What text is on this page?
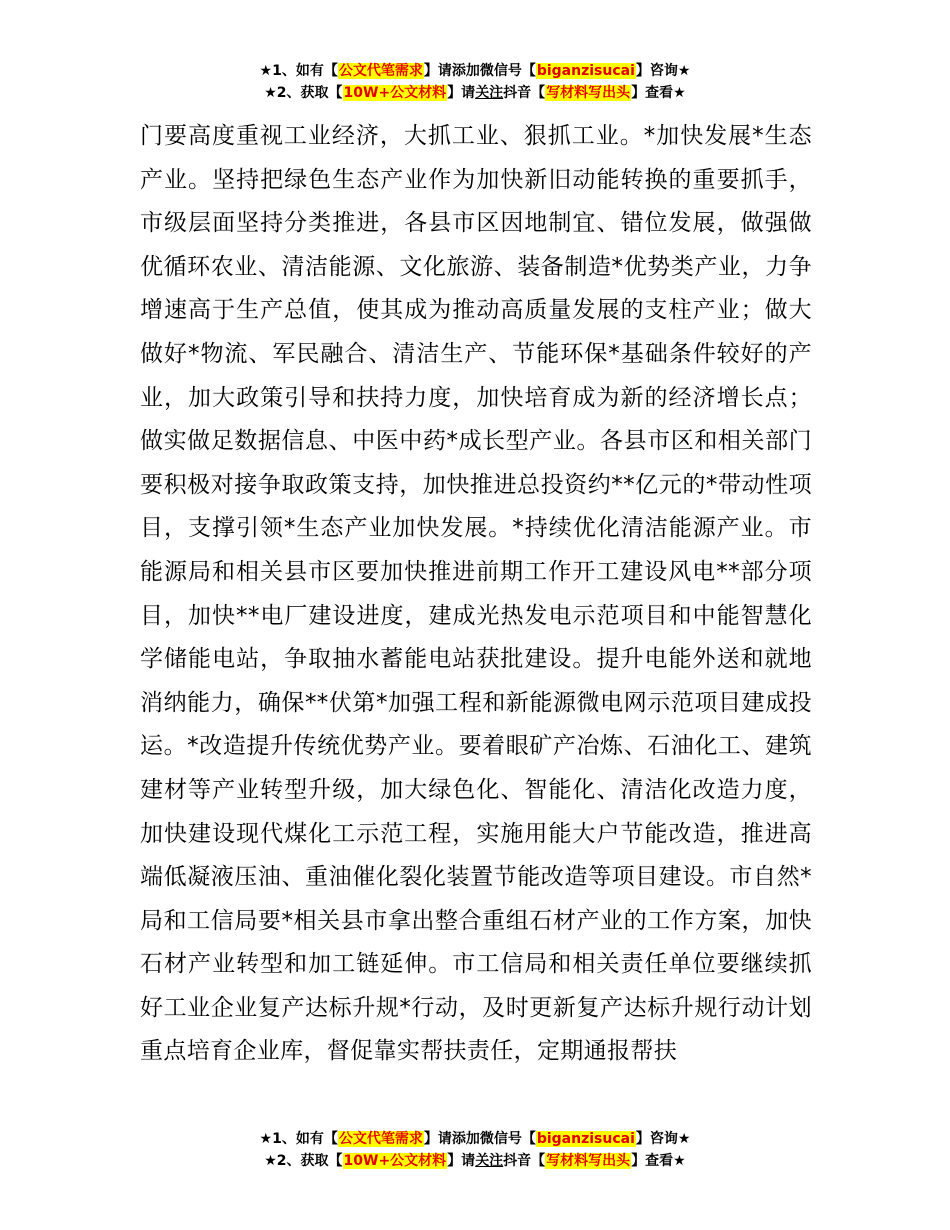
★1、如有【公文代笔需求】请添加微信号【biganzisucai】咨询★
★2、获取【10W+公文材料】请关注抖音【写材料写出头】查看★

门要高度重视工业经济，大抓工业、狠抓工业。*加快发展*生态产业。坚持把绿色生态产业作为加快新旧动能转换的重要抓手，市级层面坚持分类推进，各县市区因地制宜、错位发展，做强做优循环农业、清洁能源、文化旅游、装备制造*优势类产业，力争增速高于生产总值，使其成为推动高质量发展的支柱产业；做大做好*物流、军民融合、清洁生产、节能环保*基础条件较好的产业，加大政策引导和扶持力度，加快培育成为新的经济增长点；做实做足数据信息、中医中药*成长型产业。各县市区和相关部门要积极对接争取政策支持，加快推进总投资约**亿元的*带动性项目，支撑引领*生态产业加快发展。*持续优化清洁能源产业。市能源局和相关县市区要加快推进前期工作开工建设风电**部分项目，加快**电厂建设进度，建成光热发电示范项目和中能智慧化学储能电站，争取抽水蓄能电站获批建设。提升电能外送和就地消纳能力，确保**伏第*加强工程和新能源微电网示范项目建成投运。*改造提升传统优势产业。要着眼矿产冶炼、石油化工、建筑建材等产业转型升级，加大绿色化、智能化、清洁化改造力度，加快建设现代煤化工示范工程，实施用能大户节能改造，推进高端低凝液压油、重油催化裂化装置节能改造等项目建设。市自然*局和工信局要*相关县市拿出整合重组石材产业的工作方案，加快石材产业转型和加工链延伸。市工信局和相关责任单位要继续抓好工业企业复产达标升规*行动，及时更新复产达标升规行动计划重点培育企业库，督促靠实帮扶责任，定期通报帮扶

★1、如有【公文代笔需求】请添加微信号【biganzisucai】咨询★
★2、获取【10W+公文材料】请关注抖音【写材料写出头】查看★
